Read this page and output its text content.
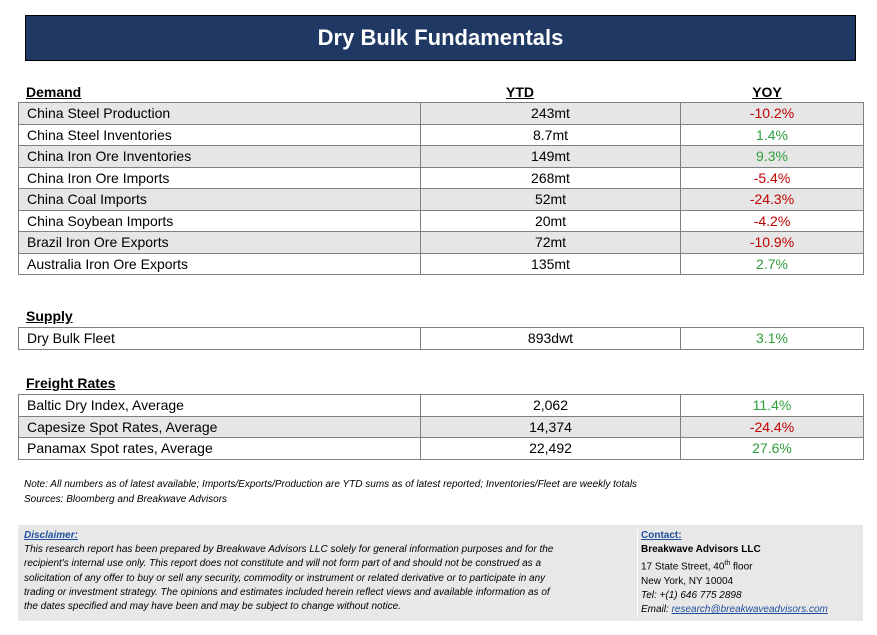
Dry Bulk Fundamentals
Demand	YTD	YOY
China Steel Production	243mt	-10.2%
China Steel Inventories	8.7mt	1.4%
China Iron Ore Inventories	149mt	9.3%
China Iron Ore Imports	268mt	-5.4%
China Coal Imports	52mt	-24.3%
China Soybean Imports	20mt	-4.2%
Brazil Iron Ore Exports	72mt	-10.9%
Australia Iron Ore Exports	135mt	2.7%
Supply
Dry Bulk Fleet	893dwt	3.1%
Freight Rates
Baltic Dry Index, Average	2,062	11.4%
Capesize Spot Rates, Average	14,374	-24.4%
Panamax Spot rates, Average	22,492	27.6%
Note: All numbers as of latest available; Imports/Exports/Production are YTD sums as of latest reported; Inventories/Fleet are weekly totals
Sources: Bloomberg and Breakwave Advisors
Disclaimer:
This research report has been prepared by Breakwave Advisors LLC solely for general information purposes and for the
recipient's internal use only. This report does not constitute and will not form part of and should not be construed as a
solicitation of any offer to buy or sell any security, commodity or instrument or related derivative or to participate in any
trading or investment strategy. The opinions and estimates included herein reflect views and available information as of
the dates specified and may have been and may be subject to change without notice.
Contact:
Breakwave Advisors LLC
17 State Street, 40th floor
New York, NY 10004
Tel: +(1) 646 775 2898
Email: research@breakwaveadvisors.com
